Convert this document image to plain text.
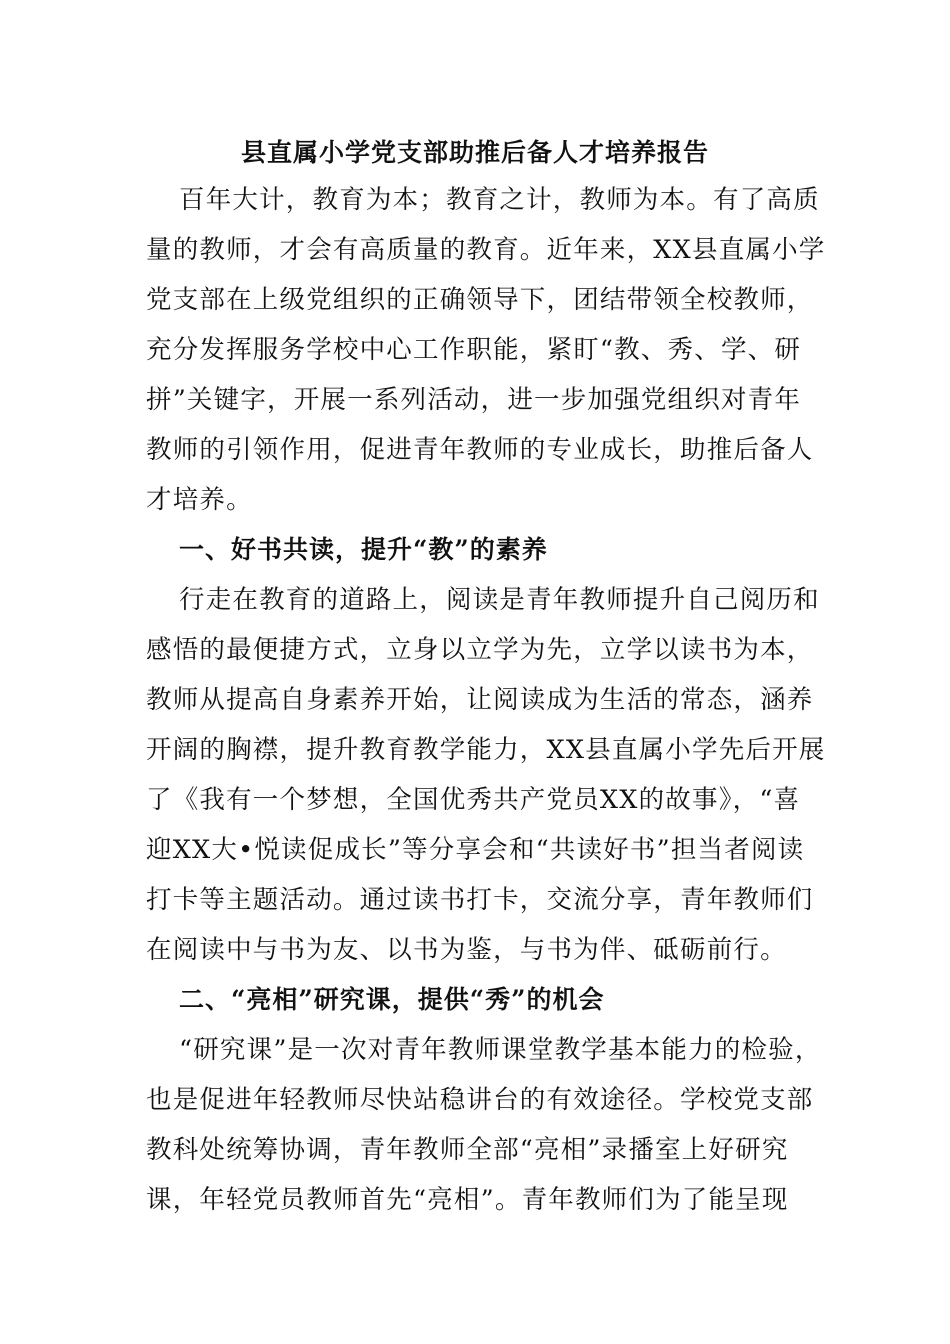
县直属小学党支部助推后备人才培养报告
百年大计，教育为本；教育之计，教师为本。有了高质
量的教师，才会有高质量的教育。近年来，XX县直属小学
党支部在上级党组织的正确领导下，团结带领全校教师，
充分发挥服务学校中心工作职能，紧盯“教、秀、学、研
拼”关键字，开展一系列活动，进一步加强党组织对青年
教师的引领作用，促进青年教师的专业成长，助推后备人
才培养。
一、好书共读，提升“教”的素养
行走在教育的道路上，阅读是青年教师提升自己阅历和
感悟的最便捷方式，立身以立学为先，立学以读书为本，
教师从提高自身素养开始，让阅读成为生活的常态，涵养
开阔的胸襟，提升教育教学能力，XX县直属小学先后开展
了《我有一个梦想，全国优秀共产党员XX的故事》，“喜
迎XX大•悦读促成长”等分享会和“共读好书”担当者阅读
打卡等主题活动。通过读书打卡，交流分享，青年教师们
在阅读中与书为友、以书为鉴，与书为伴、砥砺前行。
二、“亮相”研究课，提供“秀”的机会
“研究课”是一次对青年教师课堂教学基本能力的检验，
也是促进年轻教师尽快站稳讲台的有效途径。学校党支部
教科处统筹协调，青年教师全部“亮相”录播室上好研究
课，年轻党员教师首先“亮相”。青年教师们为了能呈现
